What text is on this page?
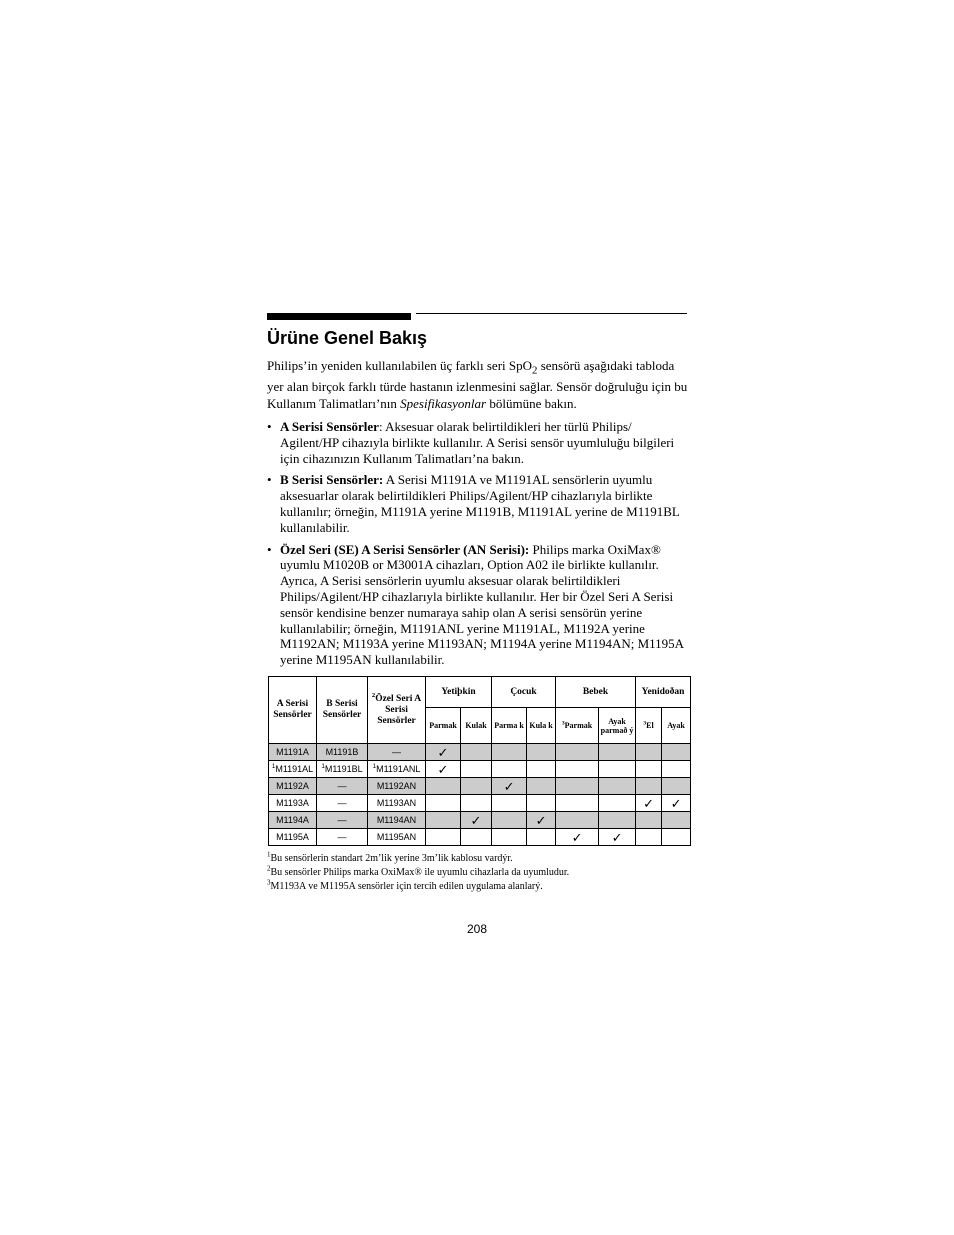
Ürüne Genel Bakış

Philips’in yeniden kullanılabilen üç farklı seri SpO$_2$ sensörü aşağıdaki tabloda yer alan birçok farklı türde hastanın izlenmesini sağlar. Sensör doğruluğu için bu Kullanım Talimatları’nın Spesifikasyonlar bölümüne bakın.

• A Serisi Sensörler: Aksesuar olarak belirtildikleri her türlü Philips/ Agilent/HP cihazıyla birlikte kullanılır. A Serisi sensör uyumluluğu bilgileri için cihazınızın Kullanım Talimatları’na bakın.
• B Serisi Sensörler: A Serisi M1191A ve M1191AL sensörlerin uyumlu aksesuarlar olarak belirtildikleri Philips/Agilent/HP cihazlarıyla birlikte kullanılır; örneğin, M1191A yerine M1191B, M1191AL yerine de M1191BL kullanılabilir.
• Özel Seri (SE) A Serisi Sensörler (AN Serisi): Philips marka OxiMax® uyumlu M1020B or M3001A cihazları, Option A02 ile birlikte kullanılır. Ayrıca, A Serisi sensörlerin uyumlu aksesuar olarak belirtildikleri Philips/Agilent/HP cihazlarıyla birlikte kullanılır. Her bir Özel Seri A Serisi sensör kendisine benzer numaraya sahip olan A serisi sensörün yerine kullanılabilir; örneğin, M1191ANL yerine M1191AL, M1192A yerine M1192AN; M1193A yerine M1193AN; M1194A yerine M1194AN; M1195A yerine M1195AN kullanılabilir.
A Serisi Sensörler	B Serisi Sensörler	$^2$Özel Seri A Serisi Sensörler	Yetiþkin		Çocuk		Bebek		Yenidoðan	
			Parmak	Kulak	Parma k	Kula k	$^3$Parmak	Ayak parmað ý	$^3$El	Ayak
M1191A	M1191B	—	✓							
$^1$M1191AL	$^1$M1191BL	$^1$M1191ANL	✓							
M1192A	—	M1192AN			✓					
M1193A	—	M1193AN							✓	✓
M1194A	—	M1194AN		✓		✓				
M1195A	—	M1195AN					✓	✓		
$^1$Bu sensörlerin standart 2m’lik yerine 3m’lik kablosu vardýr.
$^2$Bu sensörler Philips marka OxiMax® ile uyumlu cihazlarla da uyumludur.
$^3$M1193A ve M1195A sensörler için tercih edilen uygulama alanlarý.
208
